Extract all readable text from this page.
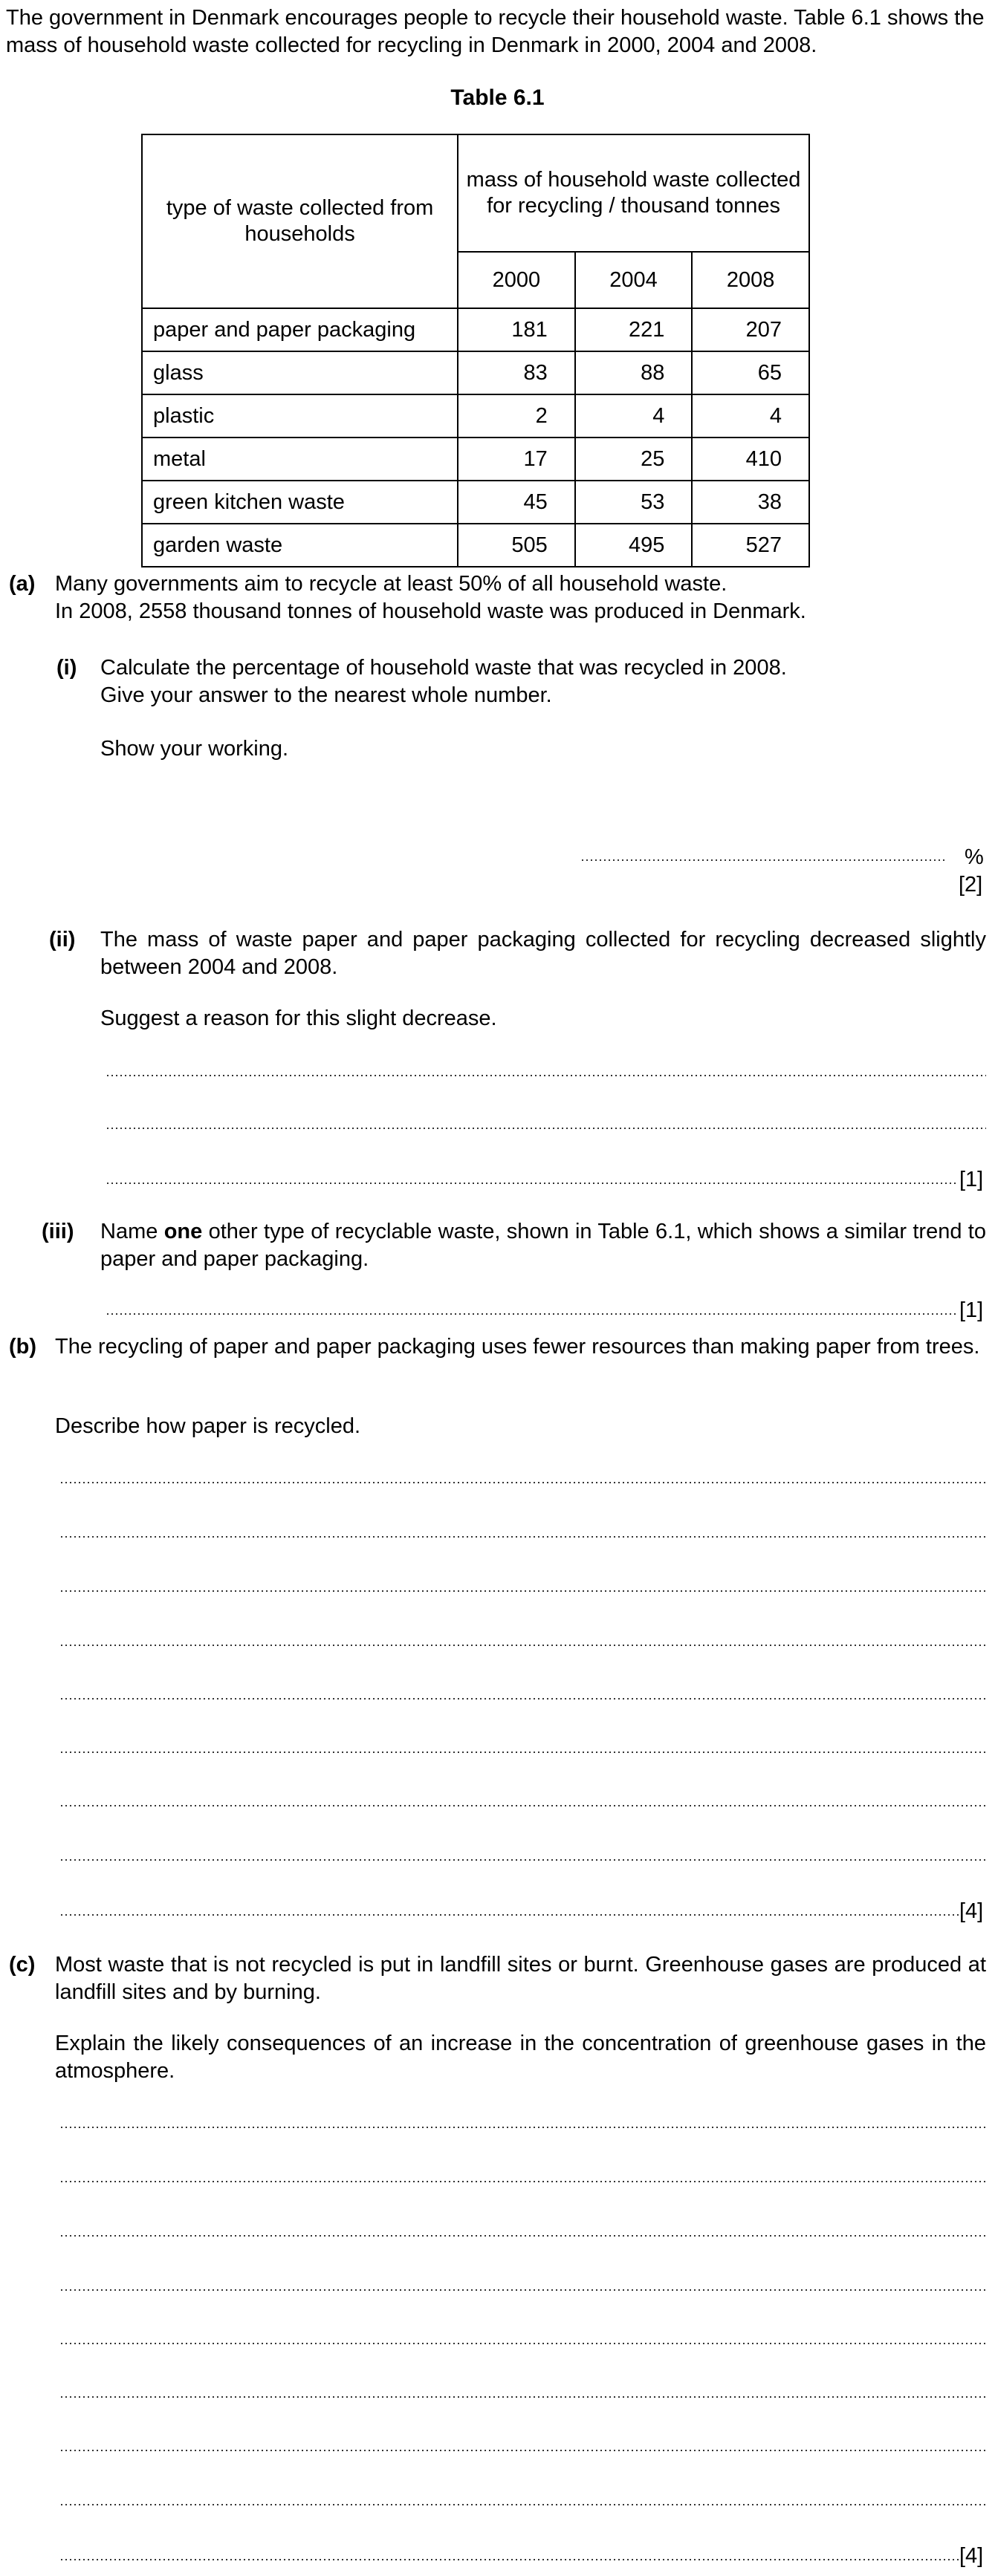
The government in Denmark encourages people to recycle their household waste. Table 6.1 shows the mass of household waste collected for recycling in Denmark in 2000, 2004 and 2008.
Table 6.1
type of waste collected from households	mass of household waste collected for recycling / thousand tonnes		
	2000	2004	2008
paper and paper packaging	181	221	207
glass	83	88	65
plastic	2	4	4
metal	17	25	410
green kitchen waste	45	53	38
garden waste	505	495	527
(a) Many governments aim to recycle at least 50% of all household waste.
In 2008, 2558 thousand tonnes of household waste was produced in Denmark.
(i) Calculate the percentage of household waste that was recycled in 2008.
Give your answer to the nearest whole number.
Show your working.
%
[2]
(ii) The mass of waste paper and paper packaging collected for recycling decreased slightly between 2004 and 2008.
Suggest a reason for this slight decrease.
[1]
(iii) Name one other type of recyclable waste, shown in Table 6.1, which shows a similar trend to paper and paper packaging.
[1]
(b) The recycling of paper and paper packaging uses fewer resources than making paper from trees.
Describe how paper is recycled.
[4]
(c) Most waste that is not recycled is put in landfill sites or burnt. Greenhouse gases are produced at landfill sites and by burning.
Explain the likely consequences of an increase in the concentration of greenhouse gases in the atmosphere.
[4]
